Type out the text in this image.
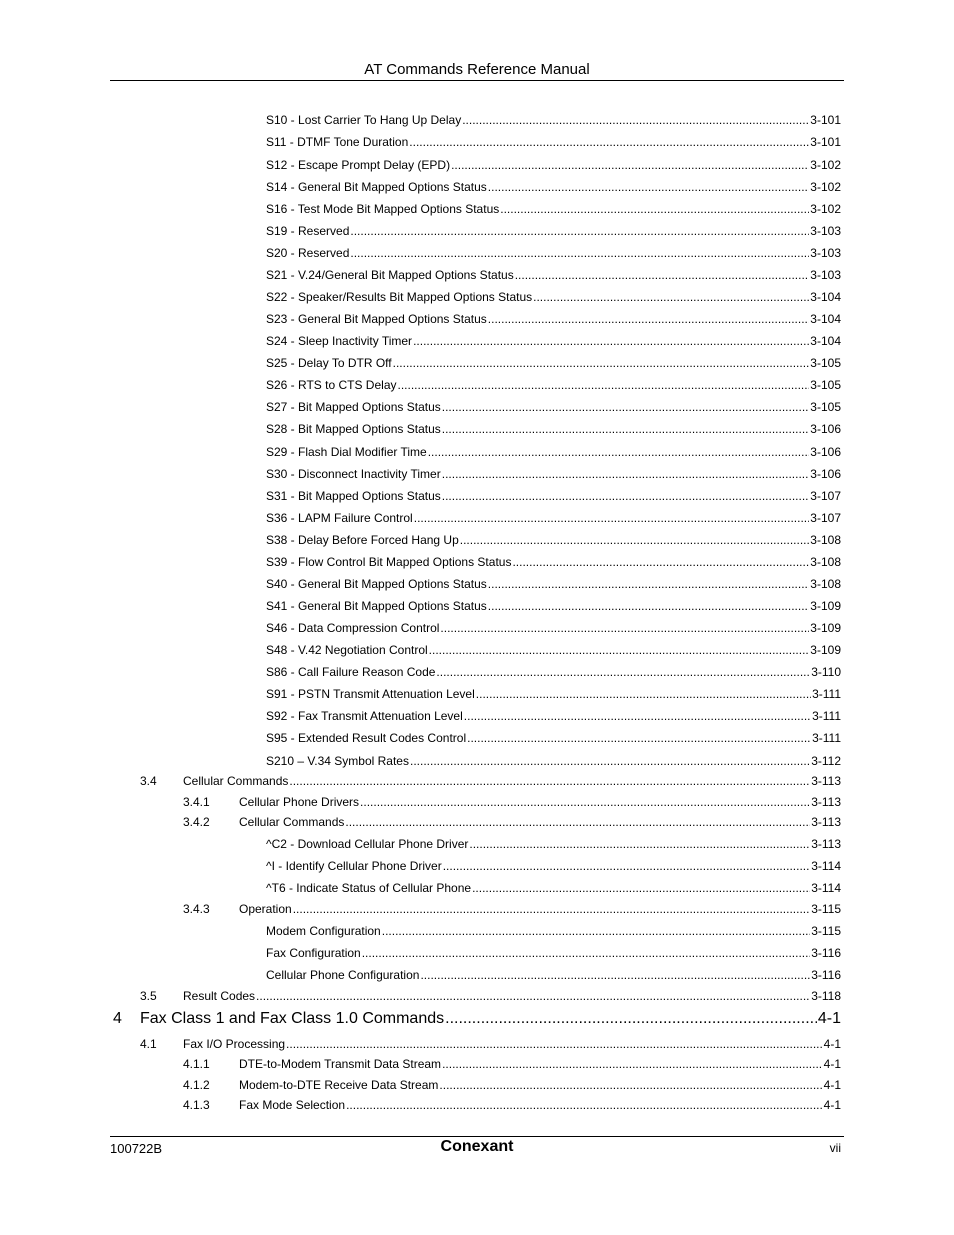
AT Commands Reference Manual
S10 - Lost Carrier To Hang Up Delay .....	3-101
S11 - DTMF Tone Duration .....	3-101
S12 - Escape Prompt Delay (EPD) .....	3-102
S14 - General Bit Mapped Options Status .....	3-102
S16 - Test Mode Bit Mapped Options Status .....	3-102
S19 - Reserved .....	3-103
S20 - Reserved .....	3-103
S21 - V.24/General Bit Mapped Options Status .....	3-103
S22 - Speaker/Results Bit Mapped Options Status .....	3-104
S23 - General Bit Mapped Options Status .....	3-104
S24 - Sleep Inactivity Timer .....	3-104
S25 - Delay To DTR Off .....	3-105
S26 - RTS to CTS Delay .....	3-105
S27 - Bit Mapped Options Status .....	3-105
S28 - Bit Mapped Options Status .....	3-106
S29 - Flash Dial Modifier Time .....	3-106
S30 - Disconnect Inactivity Timer .....	3-106
S31 - Bit Mapped Options Status .....	3-107
S36 - LAPM Failure Control .....	3-107
S38 - Delay Before Forced Hang Up .....	3-108
S39 - Flow Control Bit Mapped Options Status .....	3-108
S40 - General Bit Mapped Options Status .....	3-108
S41 - General Bit Mapped Options Status .....	3-109
S46 - Data Compression Control .....	3-109
S48 - V.42 Negotiation Control .....	3-109
S86 - Call Failure Reason Code .....	3-110
S91 - PSTN Transmit Attenuation Level .....	3-111
S92 - Fax Transmit Attenuation Level .....	3-111
S95 - Extended Result Codes Control .....	3-111
S210 – V.34 Symbol Rates .....	3-112
3.4	Cellular Commands .....	3-113
3.4.1	Cellular Phone Drivers .....	3-113
3.4.2	Cellular Commands .....	3-113
^C2 - Download Cellular Phone Driver .....	3-113
^I - Identify Cellular Phone Driver .....	3-114
^T6 - Indicate Status of Cellular Phone .....	3-114
3.4.3	Operation .....	3-115
Modem Configuration .....	3-115
Fax Configuration .....	3-116
Cellular Phone Configuration .....	3-116
3.5	Result Codes .....	3-118
4	Fax Class 1 and Fax Class 1.0 Commands .....	4-1
4.1	Fax I/O Processing .....	4-1
4.1.1	DTE-to-Modem Transmit Data Stream .....	4-1
4.1.2	Modem-to-DTE Receive Data Stream .....	4-1
4.1.3	Fax Mode Selection .....	4-1
100722B	Conexant	vii
